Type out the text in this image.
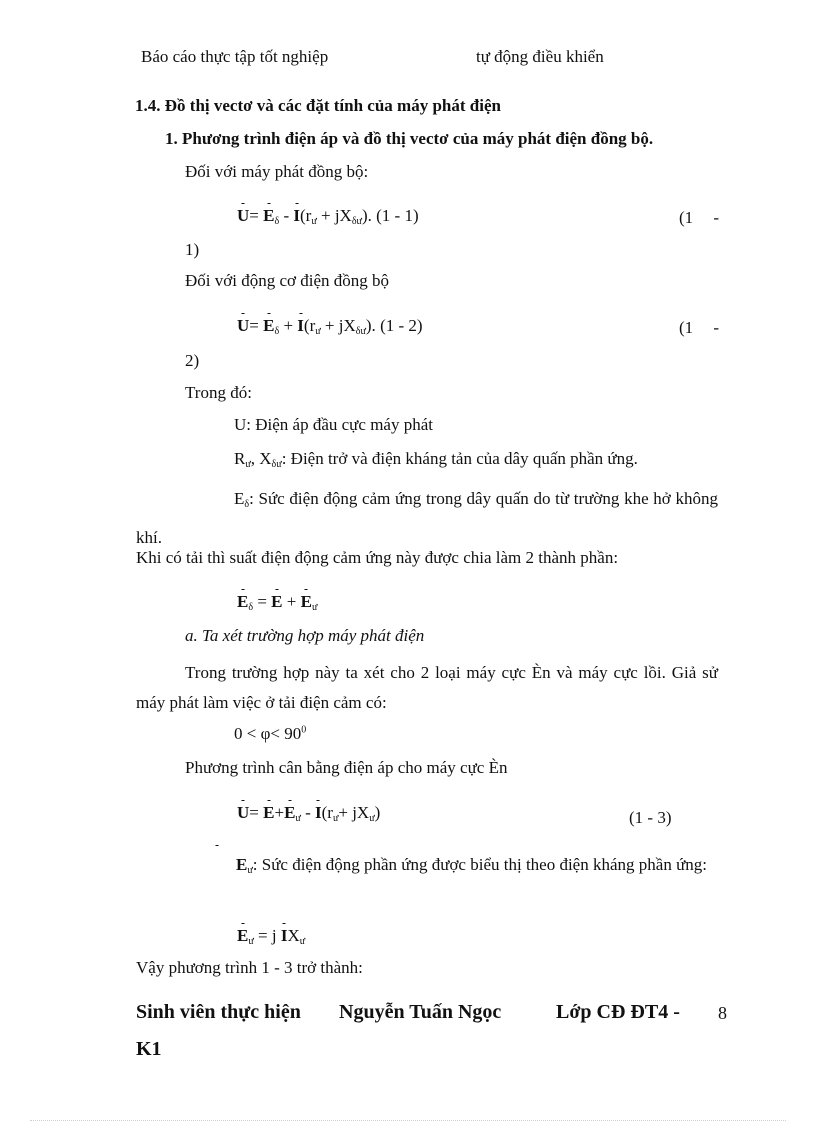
Báo cáo thực tập tốt nghiệp	tự động điều khiển
1.4. Đồ thị vectơ và các đặt tính của máy phát điện
1. Phương trình điện áp và đồ thị vectơ của máy phát điện đồng bộ.
Đối với máy phát đồng bộ:
$U= E_\delta - I(r_ư + jX_{\delta ư})$. (1 - 1)	(1 -
1)
Đối với động cơ điện đồng bộ
$U= E_\delta + I(r_ư + jX_{\delta ư})$. (1 - 2)	(1 -
2)
Trong đó:
U: Điện áp đầu cực máy phát
$R_ư$, $X_{\delta ư}$: Điện trở và điện kháng tản của dây quấn phần ứng.
$E_\delta$: Sức điện động cảm ứng trong dây quấn do từ trường khe hở không khí.
Khi có tải thì suất điện động cảm ứng này được chia làm 2 thành phần:
$E_\delta = E + E_ư$
a. Ta xét trường hợp máy phát điện
Trong trường hợp này ta xét cho 2 loại máy cực Èn và máy cực lồi. Giả sử máy phát làm việc ở tải điện cảm có:
$0 < \varphi< 90^0$
Phương trình cân bằng điện áp cho máy cực Èn
$U= E+E_ư - I(r_ư+ jX_ư)$	(1 - 3)
$E_ư$: Sức điện động phần ứng được biểu thị theo điện kháng phần ứng:
$E_ư = j$ $IX_ư$
Vậy phương trình 1 - 3 trở thành:
Sinh viên thực hiện Nguyễn Tuấn Ngọc	Lớp CĐ ĐT4 - 8
K1
